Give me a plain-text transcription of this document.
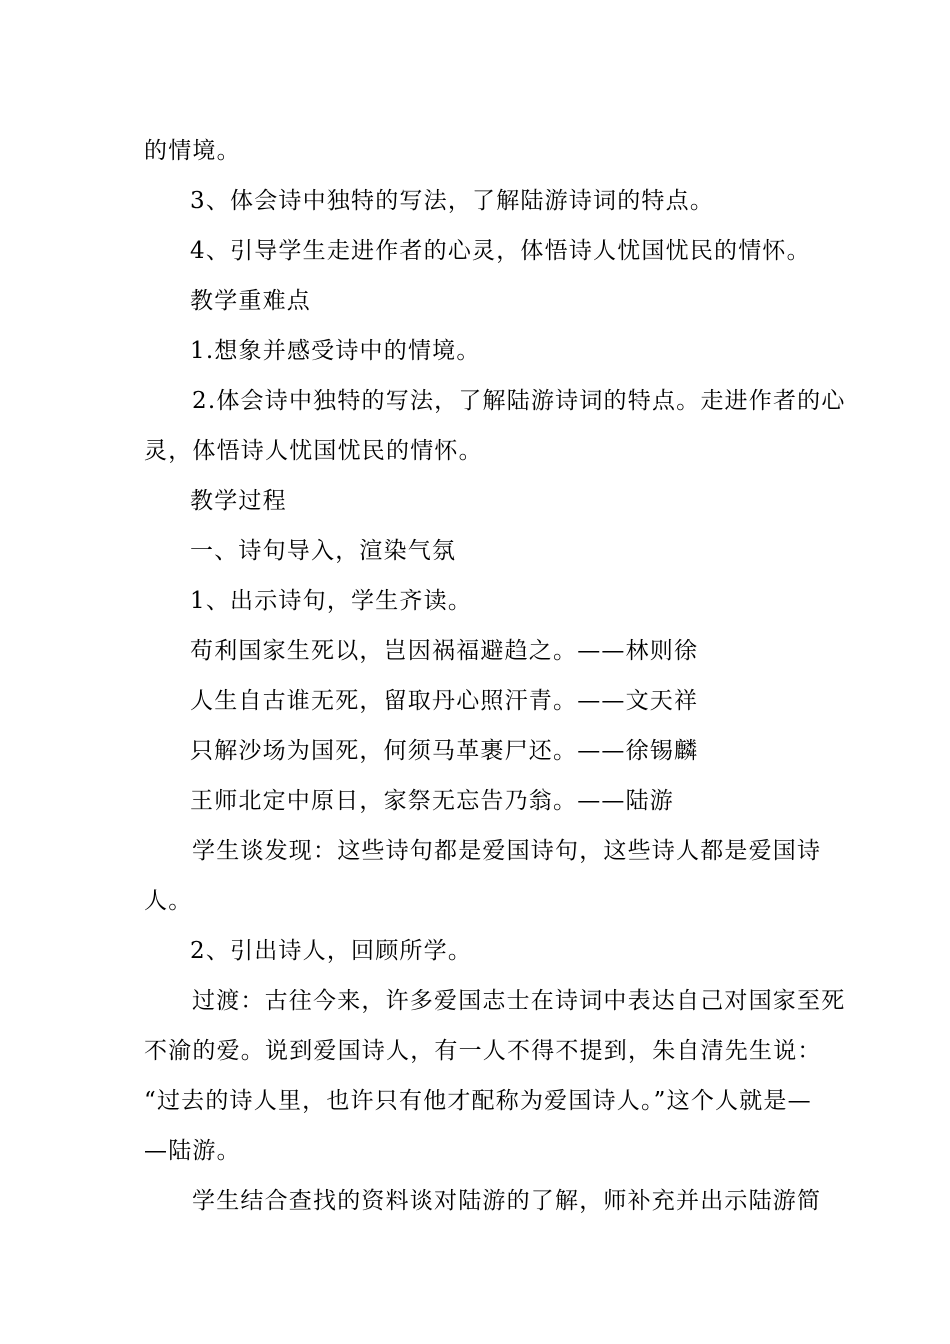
的情境。
3、体会诗中独特的写法，了解陆游诗词的特点。
4、引导学生走进作者的心灵，体悟诗人忧国忧民的情怀。
教学重难点
1.想象并感受诗中的情境。
2.体会诗中独特的写法，了解陆游诗词的特点。走进作者的心
灵，体悟诗人忧国忧民的情怀。
教学过程
一、诗句导入，渲染气氛
1、出示诗句，学生齐读。
苟利国家生死以，岂因祸福避趋之。——林则徐
人生自古谁无死，留取丹心照汗青。——文天祥
只解沙场为国死，何须马革裹尸还。——徐锡麟
王师北定中原日，家祭无忘告乃翁。——陆游
学生谈发现：这些诗句都是爱国诗句，这些诗人都是爱国诗
人。
2、引出诗人，回顾所学。
过渡：古往今来，许多爱国志士在诗词中表达自己对国家至死
不渝的爱。说到爱国诗人，有一人不得不提到，朱自清先生说：
“过去的诗人里，也许只有他才配称为爱国诗人。”这个人就是—
—陆游。
学生结合查找的资料谈对陆游的了解，师补充并出示陆游简
